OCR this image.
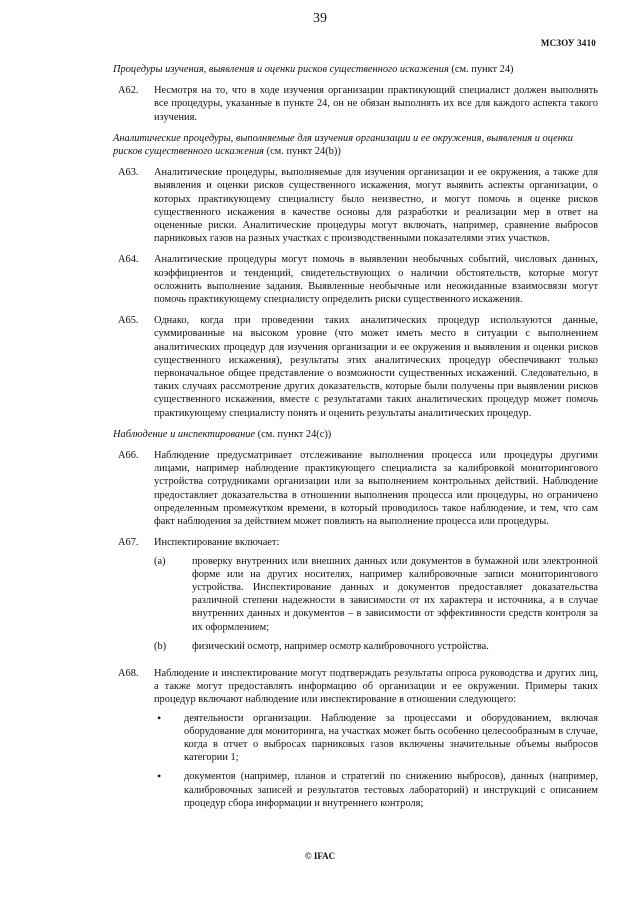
39
МСЗОУ 3410
Процедуры изучения, выявления и оценки рисков существенного искажения (см. пункт 24)
А62.	Несмотря на то, что в ходе изучения организации практикующий специалист должен выполнять все процедуры, указанные в пункте 24, он не обязан выполнять их все для каждого аспекта такого изучения.
Аналитические процедуры, выполняемые для изучения организации и ее окружения, выявления и оценки рисков существенного искажения (см. пункт 24(b))
А63.	Аналитические процедуры, выполняемые для изучения организации и ее окружения, а также для выявления и оценки рисков существенного искажения, могут выявить аспекты организации, о которых практикующему специалисту было неизвестно, и могут помочь в оценке рисков существенного искажения в качестве основы для разработки и реализации мер в ответ на оцененные риски. Аналитические процедуры могут включать, например, сравнение выбросов парниковых газов на разных участках с производственными показателями этих участков.
А64.	Аналитические процедуры могут помочь в выявлении необычных событий, числовых данных, коэффициентов и тенденций, свидетельствующих о наличии обстоятельств, которые могут осложнить выполнение задания. Выявленные необычные или неожиданные взаимосвязи могут помочь практикующему специалисту определить риски существенного искажения.
А65.	Однако, когда при проведении таких аналитических процедур используются данные, суммированные на высоком уровне (что может иметь место в ситуации с выполнением аналитических процедур для изучения организации и ее окружения и выявления и оценки рисков существенного искажения), результаты этих аналитических процедур обеспечивают только первоначальное общее представление о возможности существенных искажений. Следовательно, в таких случаях рассмотрение других доказательств, которые были получены при выявлении рисков существенного искажения, вместе с результатами таких аналитических процедур может помочь практикующему специалисту понять и оценить результаты аналитических процедур.
Наблюдение и инспектирование (см. пункт 24(c))
А66.	Наблюдение предусматривает отслеживание выполнения процесса или процедуры другими лицами, например наблюдение практикующего специалиста за калибровкой мониторингового устройства сотрудниками организации или за выполнением контрольных действий. Наблюдение предоставляет доказательства в отношении выполнения процесса или процедуры, но ограничено определенным промежутком времени, в который проводилось такое наблюдение, и тем, что сам факт наблюдения за действием может повлиять на выполнение процесса или процедуры.
А67.	Инспектирование включает:

(a)	проверку внутренних или внешних данных или документов в бумажной или электронной форме или на других носителях, например калибровочные записи мониторингового устройства. Инспектирование данных и документов предоставляет доказательства различной степени надежности в зависимости от их характера и источника, а в случае внутренних данных и документов – в зависимости от эффективности средств контроля за их оформлением;
(b)	физический осмотр, например осмотр калибровочного устройства.
А68.	Наблюдение и инспектирование могут подтверждать результаты опроса руководства и других лиц, а также могут предоставлять информацию об организации и ее окружении. Примеры таких процедур включают наблюдение или инспектирование в отношении следующего:

•	деятельности организации. Наблюдение за процессами и оборудованием, включая оборудование для мониторинга, на участках может быть особенно целесообразным в случае, когда в отчет о выбросах парниковых газов включены значительные объемы выбросов категории 1;
•	документов (например, планов и стратегий по снижению выбросов), данных (например, калибровочных записей и результатов тестовых лабораторий) и инструкций с описанием процедур сбора информации и внутреннего контроля;
© IFAC
